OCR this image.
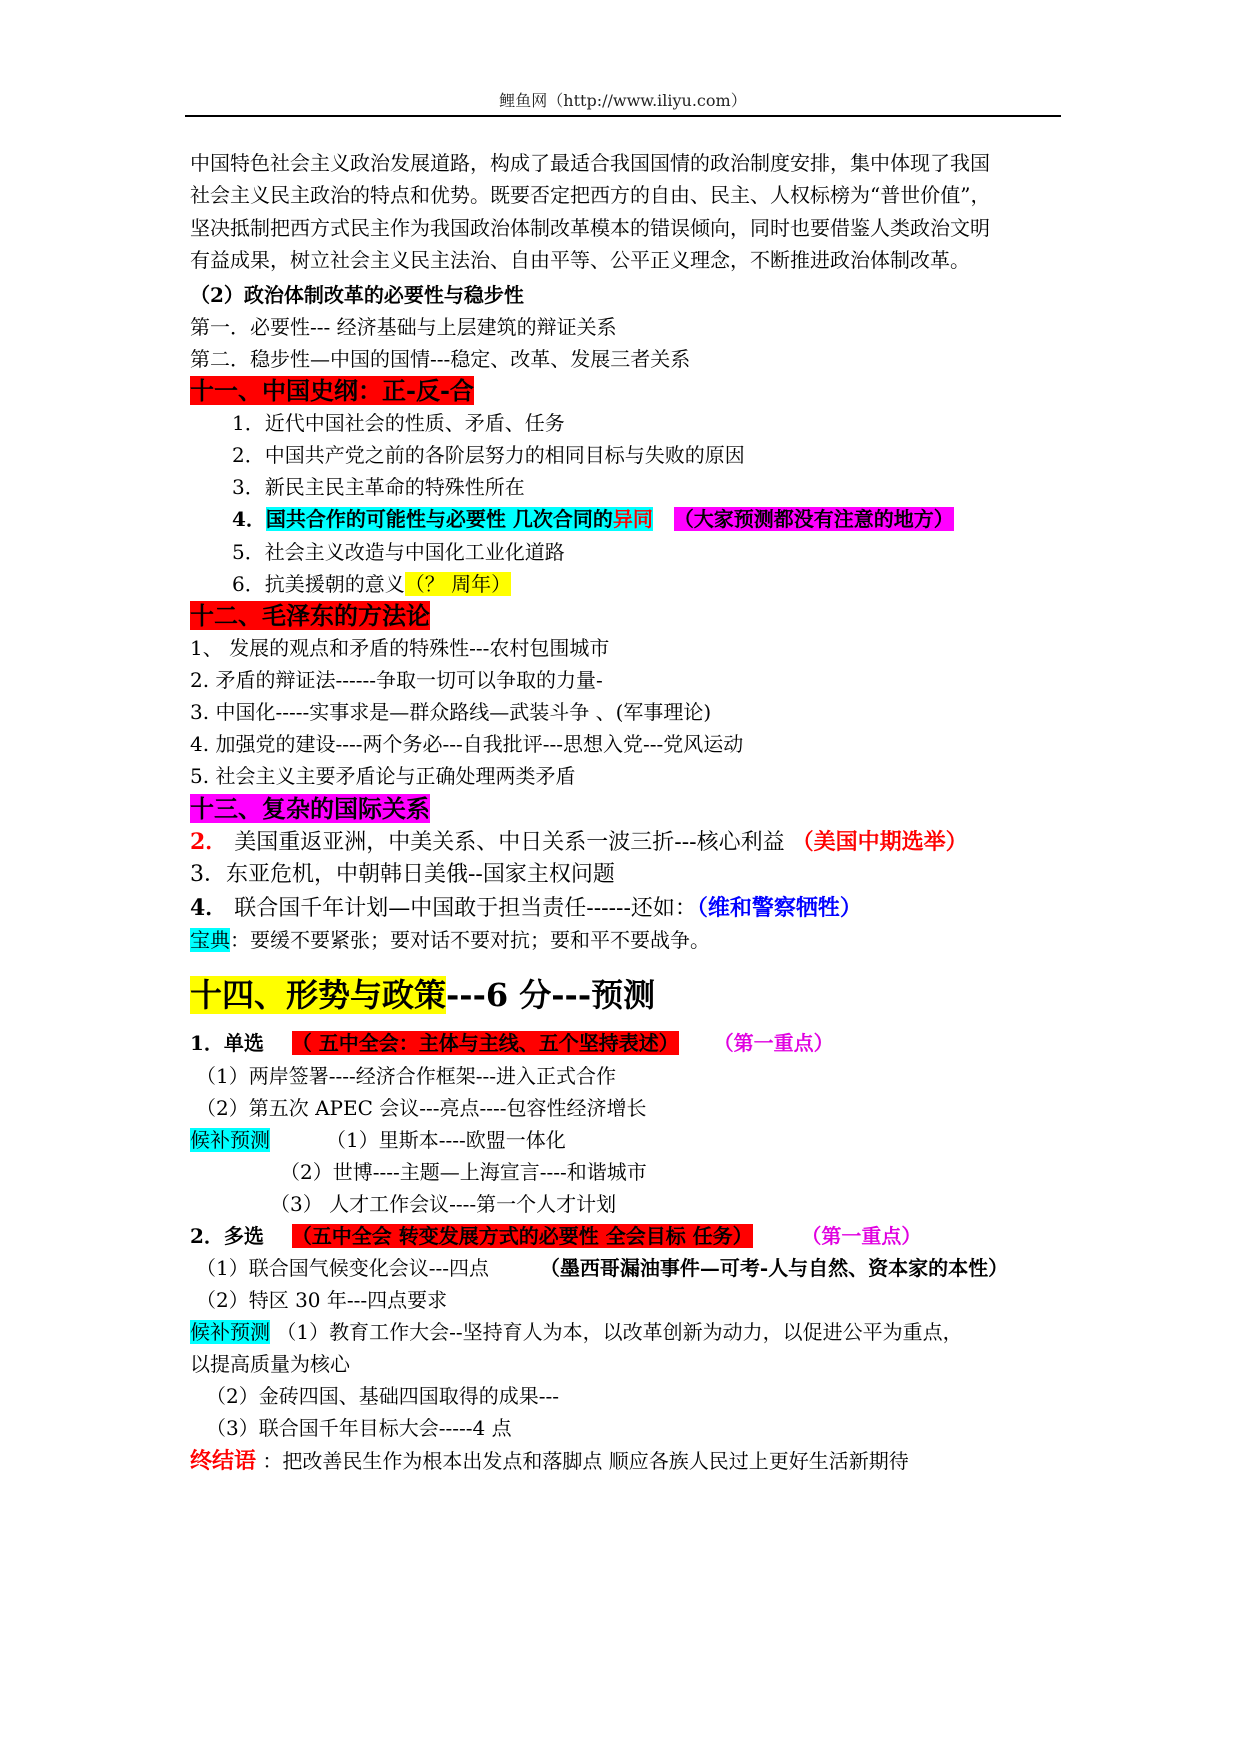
鲤鱼网（http://www.iliyu.com）
中国特色社会主义政治发展道路，构成了最适合我国国情的政治制度安排，集中体现了我国
社会主义民主政治的特点和优势。既要否定把西方的自由、民主、人权标榜为“普世价值”，
坚决抵制把西方式民主作为我国政治体制改革模本的错误倾向，同时也要借鉴人类政治文明
有益成果，树立社会主义民主法治、自由平等、公平正义理念，不断推进政治体制改革。
（2）政治体制改革的必要性与稳步性
第一．必要性--- 经济基础与上层建筑的辩证关系
第二．稳步性—中国的国情---稳定、改革、发展三者关系
十一、中国史纲：正-反-合
1．近代中国社会的性质、矛盾、任务
2．中国共产党之前的各阶层努力的相同目标与失败的原因
3．新民主民主革命的特殊性所在
4．国共合作的可能性与必要性 几次合同的异同 （大家预测都没有注意的地方）
5．社会主义改造与中国化工业化道路
6．抗美援朝的意义（？ 周年）
十二、毛泽东的方法论
1、 发展的观点和矛盾的特殊性---农村包围城市
2. 矛盾的辩证法------争取一切可以争取的力量-
3. 中国化-----实事求是—群众路线—武装斗争 、(军事理论)
4. 加强党的建设----两个务必---自我批评---思想入党---党风运动
5. 社会主义主要矛盾论与正确处理两类矛盾
十三、复杂的国际关系
2． 美国重返亚洲，中美关系、中日关系一波三折---核心利益 （美国中期选举）
3．东亚危机，中朝韩日美俄--国家主权问题
4． 联合国千年计划—中国敢于担当责任------还如：（维和警察牺牲）
宝典：要缓不要紧张；要对话不要对抗；要和平不要战争。
十四、形势与政策---6 分---预测
1．单选 （ 五中全会：主体与主线、五个坚持表述） （第一重点）
（1）两岸签署----经济合作框架---进入正式合作
（2）第五次 APEC 会议---亮点----包容性经济增长
候补预测	（1）里斯本----欧盟一体化
（2）世博----主题—上海宣言----和谐城市
（3） 人才工作会议----第一个人才计划
2．多选 （五中全会 转变发展方式的必要性 全会目标 任务） （第一重点）
（1）联合国气候变化会议---四点	（墨西哥漏油事件—可考-人与自然、资本家的本性）
（2）特区 30 年---四点要求
候补预测 （1）教育工作大会--坚持育人为本，以改革创新为动力，以促进公平为重点，
以提高质量为核心
（2）金砖四国、基础四国取得的成果---
（3）联合国千年目标大会-----4 点
终结语 ：把改善民生作为根本出发点和落脚点 顺应各族人民过上更好生活新期待
